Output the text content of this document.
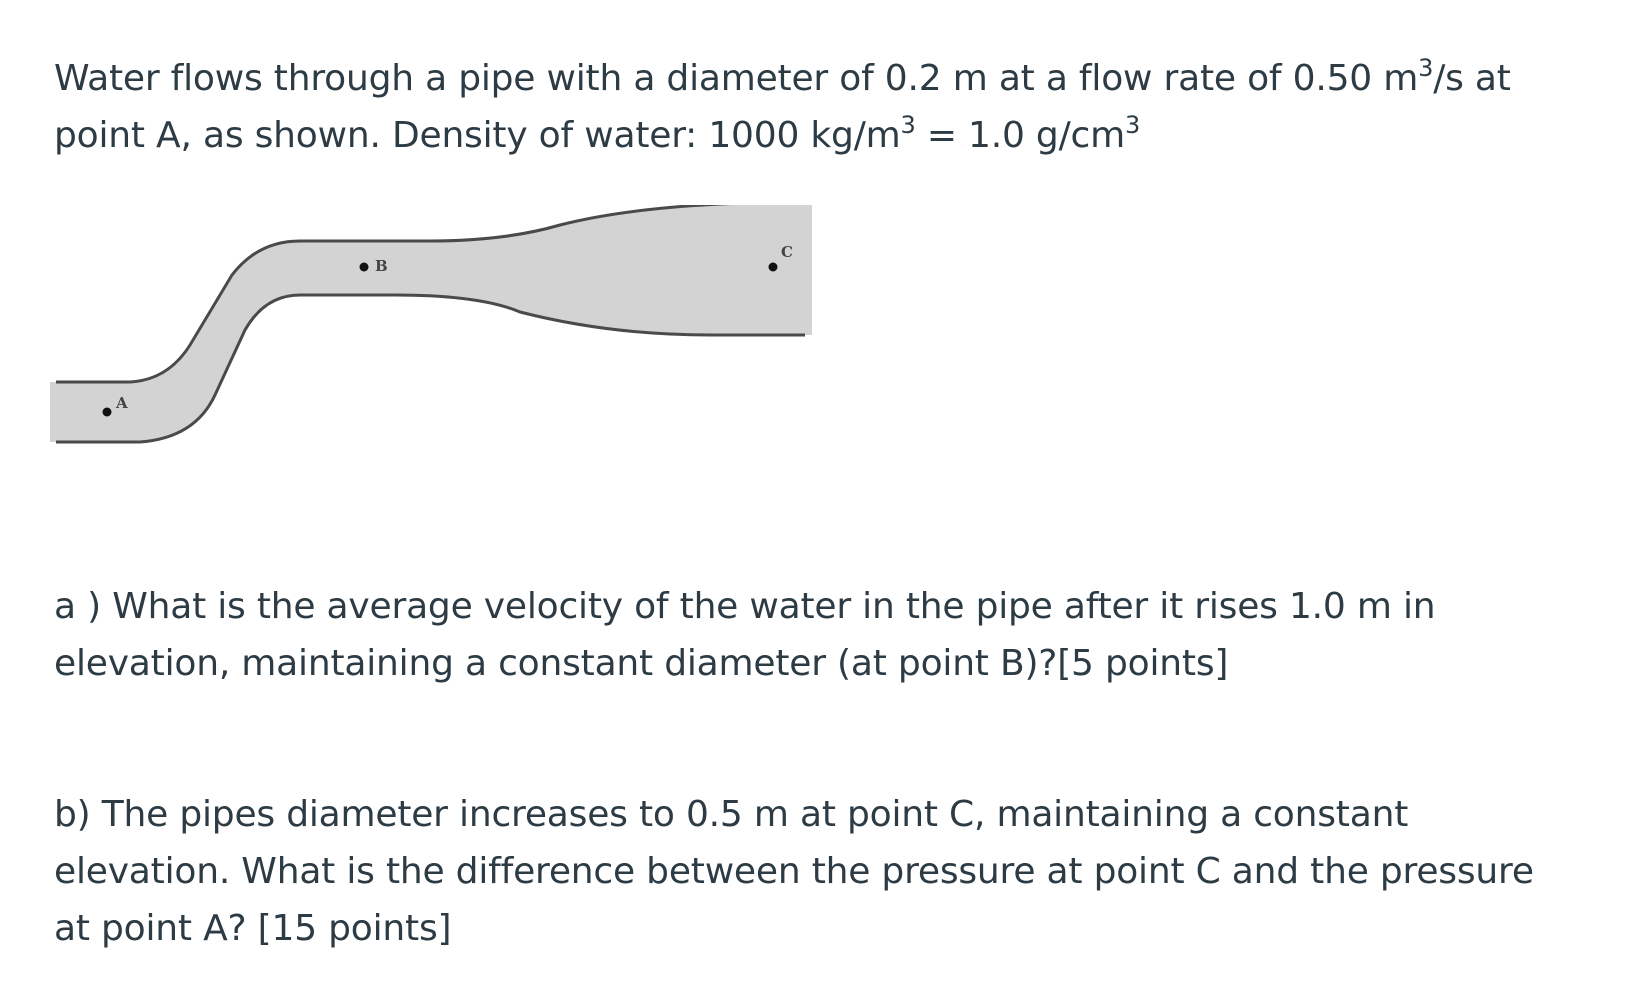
Water flows through a pipe with a diameter of 0.2 m at a flow rate of 0.50 $m^3/s$ at
point A, as shown. Density of water: 1000 $kg/m^3 = 1.0$ $g/cm^3$

A
B
C

a ) What is the average velocity of the water in the pipe after it rises 1.0 m in elevation, maintaining a constant diameter (at point B)?[5 points]

b) The pipes diameter increases to 0.5 m at point C, maintaining a constant elevation. What is the difference between the pressure at point C and the pressure at point A? [15 points]
